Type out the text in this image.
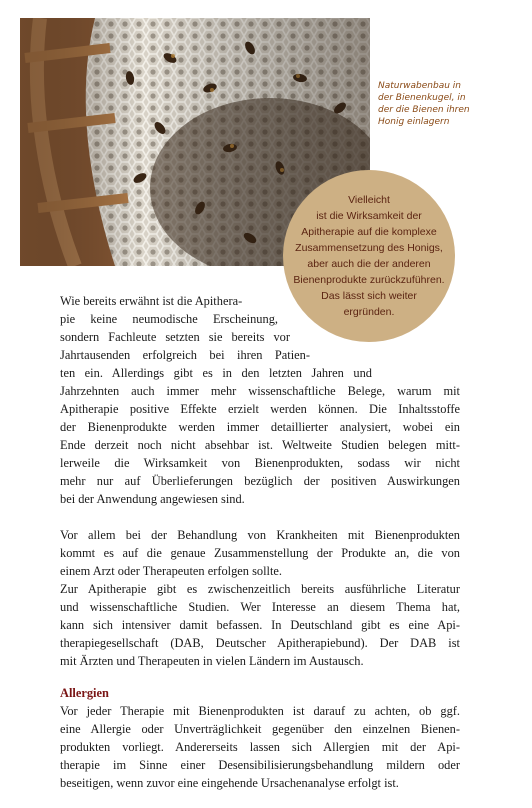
Naturwabenbau in
der Bienenkugel, in
der die Bienen ihren
Honig einlagern
Vielleicht
ist die Wirksamkeit der
Apitherapie auf die komplexe
Zusammensetzung des Honigs,
aber auch die der anderen
Bienenprodukte zurückzuführen.
Das lässt sich weiter
ergründen.
Wie bereits erwähnt ist die Apithera-
pie keine neumodische Erscheinung,
sondern Fachleute setzten sie bereits vor
Jahrtausenden erfolgreich bei ihren Patien-
ten ein. Allerdings gibt es in den letzten Jahren und
Jahrzehnten auch immer mehr wissenschaftliche Belege, warum mit
Apitherapie positive Effekte erzielt werden können. Die Inhaltsstoffe
der Bienenprodukte werden immer detaillierter analysiert, wobei ein
Ende derzeit noch nicht absehbar ist. Weltweite Studien belegen mitt-
lerweile die Wirksamkeit von Bienenprodukten, sodass wir nicht
mehr nur auf Überlieferungen bezüglich der positiven Auswirkungen
bei der Anwendung angewiesen sind.
Vor allem bei der Behandlung von Krankheiten mit Bienenprodukten
kommt es auf die genaue Zusammenstellung der Produkte an, die von
einem Arzt oder Therapeuten erfolgen sollte.
Zur Apitherapie gibt es zwischenzeitlich bereits ausführliche Literatur
und wissenschaftliche Studien. Wer Interesse an diesem Thema hat,
kann sich intensiver damit befassen. In Deutschland gibt es eine Api-
therapiegesellschaft (DAB, Deutscher Apitherapiebund). Der DAB ist
mit Ärzten und Therapeuten in vielen Ländern im Austausch.
Allergien
Vor jeder Therapie mit Bienenprodukten ist darauf zu achten, ob ggf.
eine Allergie oder Unverträglichkeit gegenüber den einzelnen Bienen-
produkten vorliegt. Andererseits lassen sich Allergien mit der Api-
therapie im Sinne einer Desensibilisierungsbehandlung mildern oder
beseitigen, wenn zuvor eine eingehende Ursachenanalyse erfolgt ist.
